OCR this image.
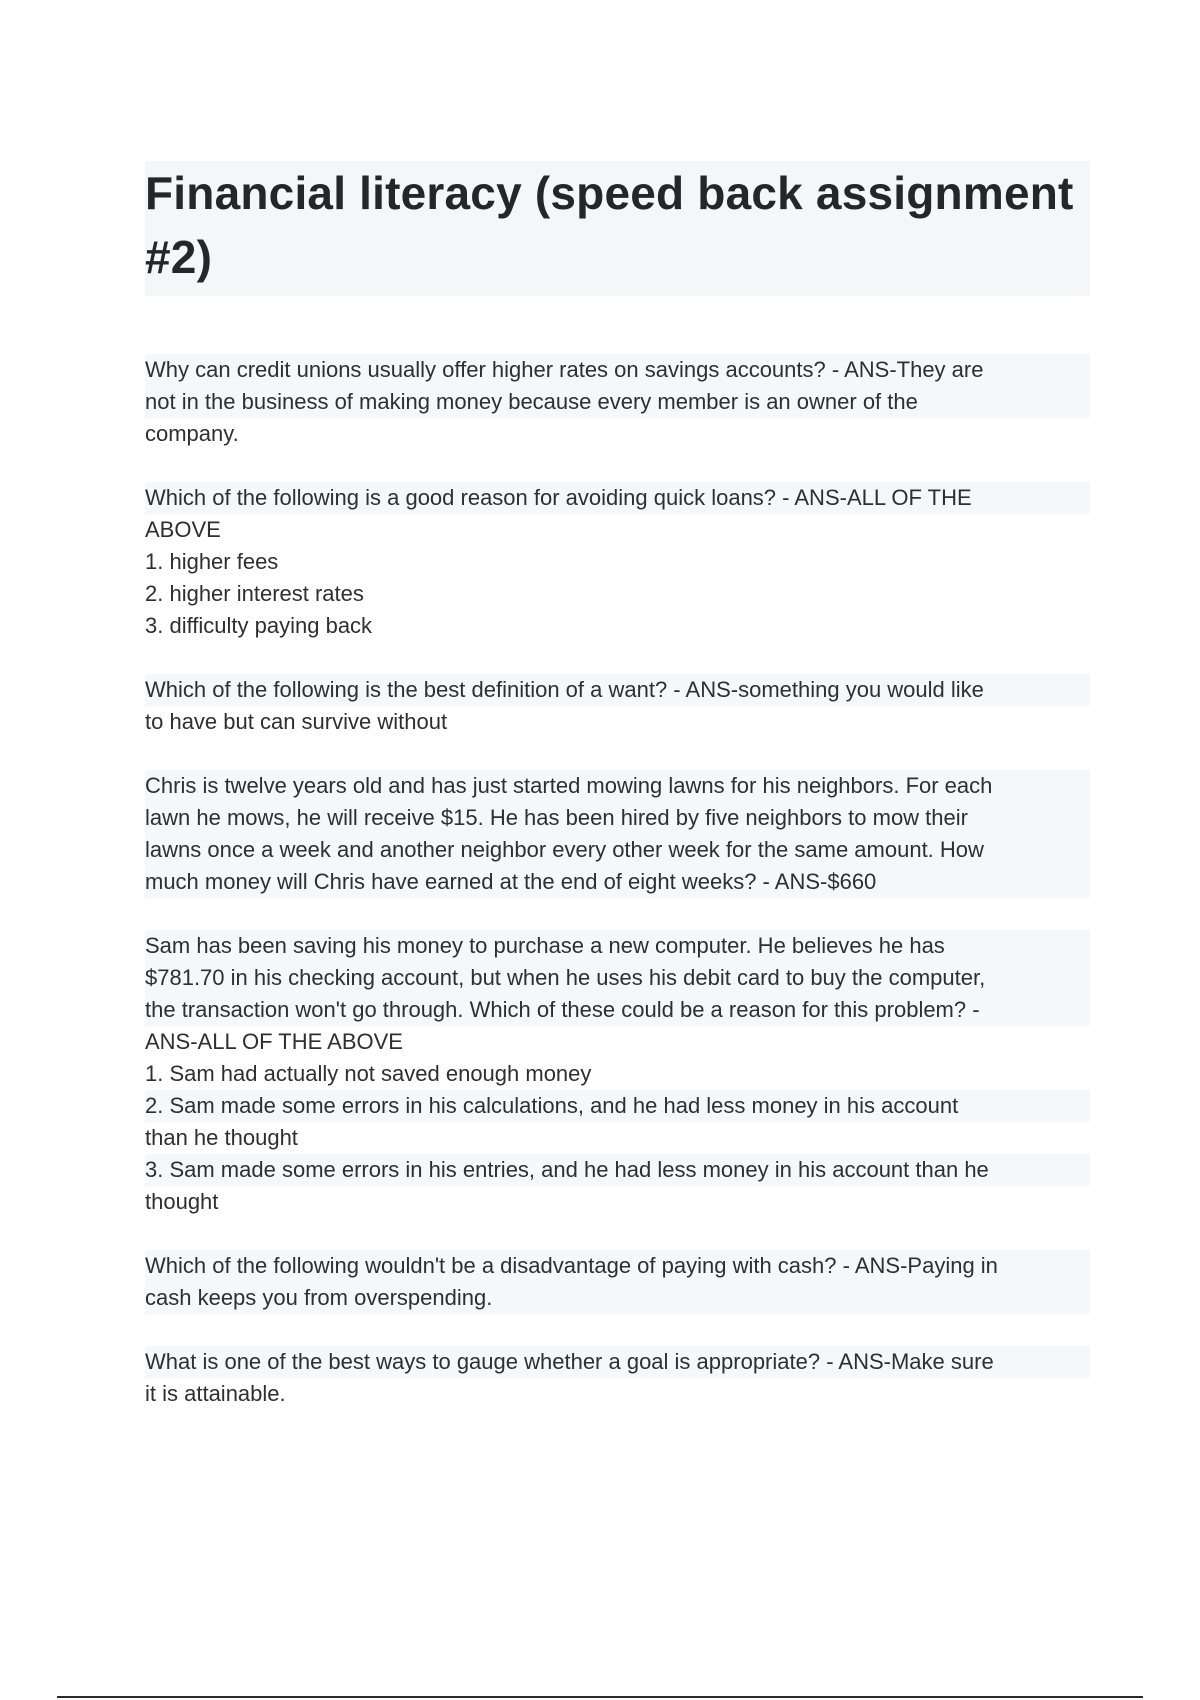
Financial literacy (speed back assignment #2)

Why can credit unions usually offer higher rates on savings accounts? - ANS-They are
not in the business of making money because every member is an owner of the
company.

Which of the following is a good reason for avoiding quick loans? - ANS-ALL OF THE
ABOVE
1. higher fees
2. higher interest rates
3. difficulty paying back

Which of the following is the best definition of a want? - ANS-something you would like
to have but can survive without

Chris is twelve years old and has just started mowing lawns for his neighbors. For each
lawn he mows, he will receive $15. He has been hired by five neighbors to mow their
lawns once a week and another neighbor every other week for the same amount. How
much money will Chris have earned at the end of eight weeks? - ANS-$660

Sam has been saving his money to purchase a new computer. He believes he has
$781.70 in his checking account, but when he uses his debit card to buy the computer,
the transaction won't go through. Which of these could be a reason for this problem? -
ANS-ALL OF THE ABOVE
1. Sam had actually not saved enough money
2. Sam made some errors in his calculations, and he had less money in his account
than he thought
3. Sam made some errors in his entries, and he had less money in his account than he
thought

Which of the following wouldn't be a disadvantage of paying with cash? - ANS-Paying in
cash keeps you from overspending.

What is one of the best ways to gauge whether a goal is appropriate? - ANS-Make sure
it is attainable.
